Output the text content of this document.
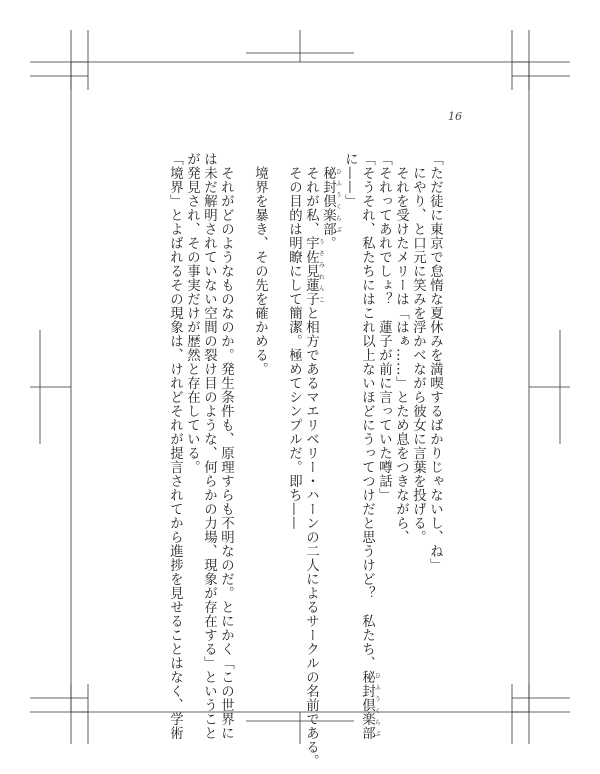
16
「ただ徒に東京で怠惰な夏休みを満喫するばかりじゃないし、ね」
　にやり、と口元に笑みを浮かべながら彼女に言葉を投げる。
　それを受けたメリーは「はぁ……」とため息をつきながら、
「それってあれでしょ？　蓮子が前に言っていた噂話」
「そうそれ、私たちにはこれ以上ないほどにうってつけだと思うけど？　私たち、秘封倶楽部 ひふうくらぶ
に——」
　秘封倶楽部 ひふうくらぶ。
　それが私、宇佐見蓮子 うさみれんこと相方であるマエリベリー・ハーンの二人によるサークルの名前である。
　その目的は明瞭にして簡潔。極めてシンプルだ。即ち——
　境界を暴き、その先を確かめる。
　それがどのようなものなのか。発生条件も、原理すらも不明なのだ。とにかく「この世界に
は未だ解明されていない空間の裂け目のような、何らかの力場、現象が存在する」ということ
が発見され、その事実だけが歴然と存在している。
「境界」とよばれるその現象は、けれどそれが提言されてから進捗を見せることはなく、学術
